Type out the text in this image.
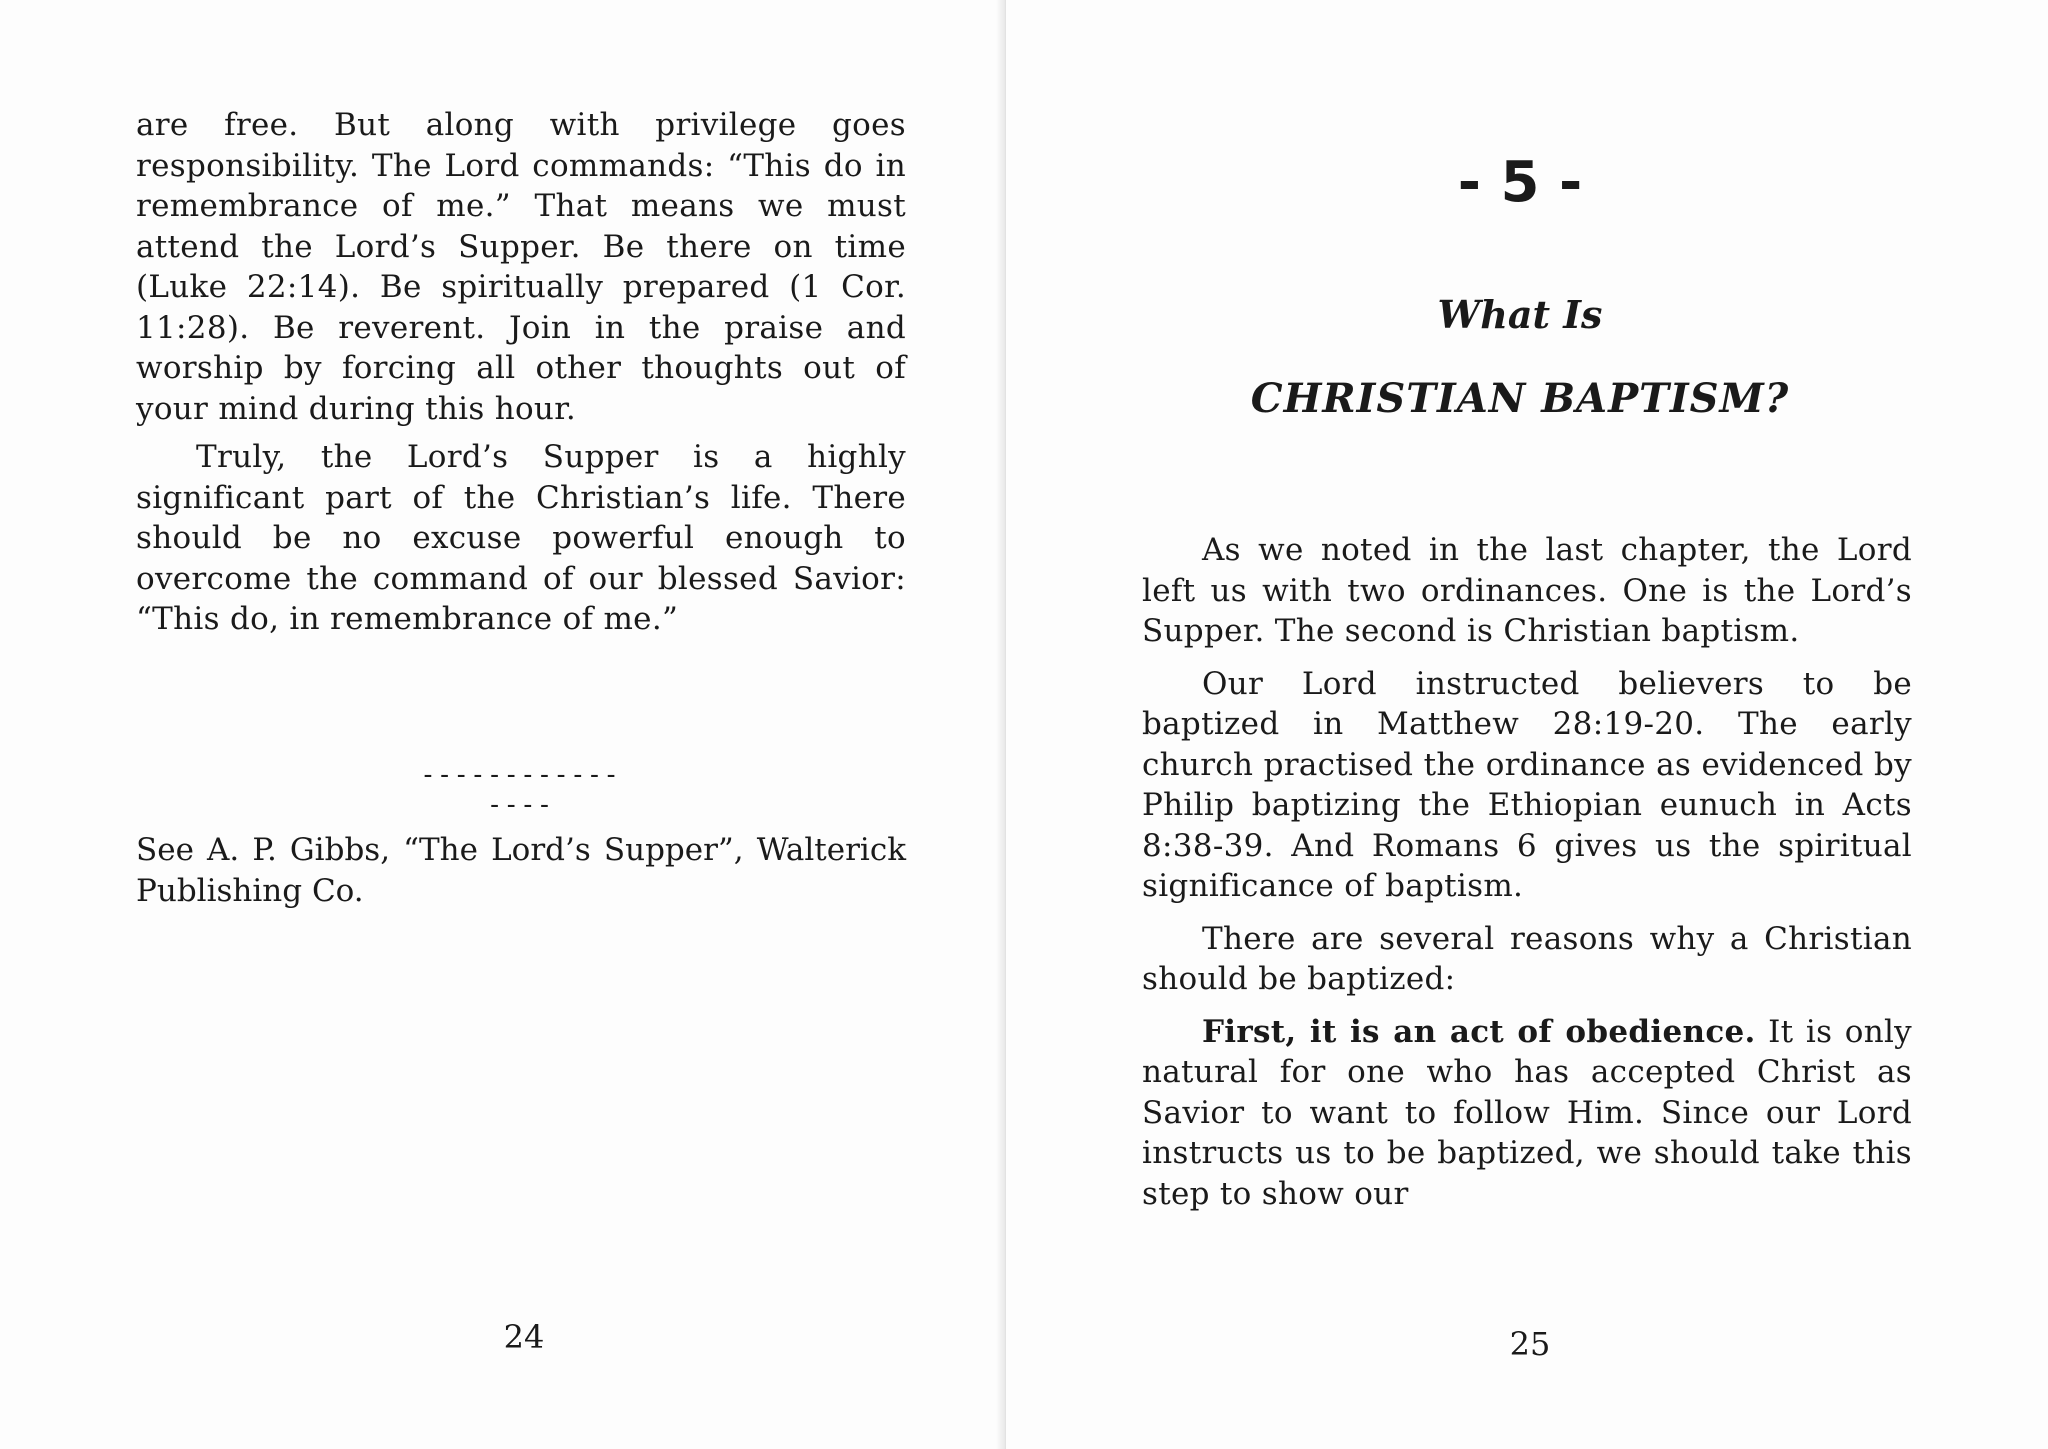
are free. But along with privilege goes responsibility. The Lord commands: “This do in remembrance of me.” That means we must attend the Lord’s Supper. Be there on time (Luke 22:14). Be spiritually prepared (1 Cor. 11:28). Be reverent. Join in the praise and worship by forcing all other thoughts out of your mind during this hour.

Truly, the Lord’s Supper is a highly significant part of the Christian’s life. There should be no excuse powerful enough to overcome the command of our blessed Savior: “This do, in remembrance of me.”

----------------
See A. P. Gibbs, “The Lord’s Supper”, Walterick Publishing Co.
24
- 5 -
What Is
CHRISTIAN BAPTISM?

As we noted in the last chapter, the Lord left us with two ordinances. One is the Lord’s Supper. The second is Christian baptism.

Our Lord instructed believers to be baptized in Matthew 28:19-20. The early church practised the ordinance as evidenced by Philip baptizing the Ethiopian eunuch in Acts 8:38-39. And Romans 6 gives us the spiritual significance of baptism.

There are several reasons why a Christian should be baptized:

First, it is an act of obedience. It is only natural for one who has accepted Christ as Savior to want to follow Him. Since our Lord instructs us to be baptized, we should take this step to show our

25
